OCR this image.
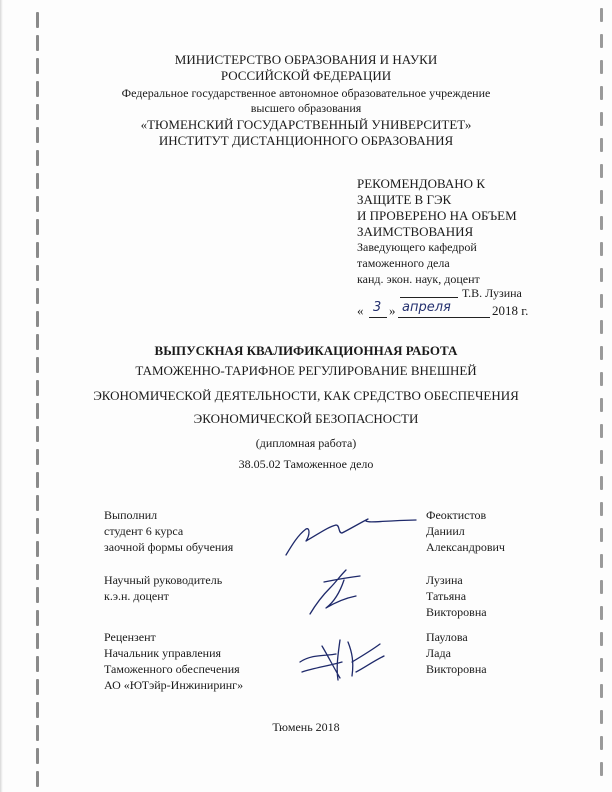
МИНИСТЕРСТВО ОБРАЗОВАНИЯ И НАУКИ
РОССИЙСКОЙ ФЕДЕРАЦИИ
Федеральное государственное автономное образовательное учреждение
высшего образования
«ТЮМЕНСКИЙ ГОСУДАРСТВЕННЫЙ УНИВЕРСИТЕТ»
ИНСТИТУТ ДИСТАНЦИОННОГО ОБРАЗОВАНИЯ
РЕКОМЕНДОВАНО К
ЗАЩИТЕ В ГЭК
И ПРОВЕРЕНО НА ОБЪЕМ
ЗАИМСТВОВАНИЯ
Заведующего кафедрой
таможенного дела
канд. экон. наук, доцент
Т.В. Лузина
« 3 » апреля	2018 г.
ВЫПУСКНАЯ КВАЛИФИКАЦИОННАЯ РАБОТА
ТАМОЖЕННО-ТАРИФНОЕ РЕГУЛИРОВАНИЕ ВНЕШНЕЙ
ЭКОНОМИЧЕСКОЙ ДЕЯТЕЛЬНОСТИ, КАК СРЕДСТВО ОБЕСПЕЧЕНИЯ
ЭКОНОМИЧЕСКОЙ БЕЗОПАСНОСТИ
(дипломная работа)
38.05.02 Таможенное дело
Выполнил
студент 6 курса
заочной формы обучения
Феоктистов
Даниил
Александрович
Научный руководитель
к.э.н. доцент
Лузина
Татьяна
Викторовна
Рецензент
Начальник управления
Таможенного обеспечения
АО «ЮТэйр-Инжиниринг»
Паулова
Лада
Викторовна
Тюмень 2018
